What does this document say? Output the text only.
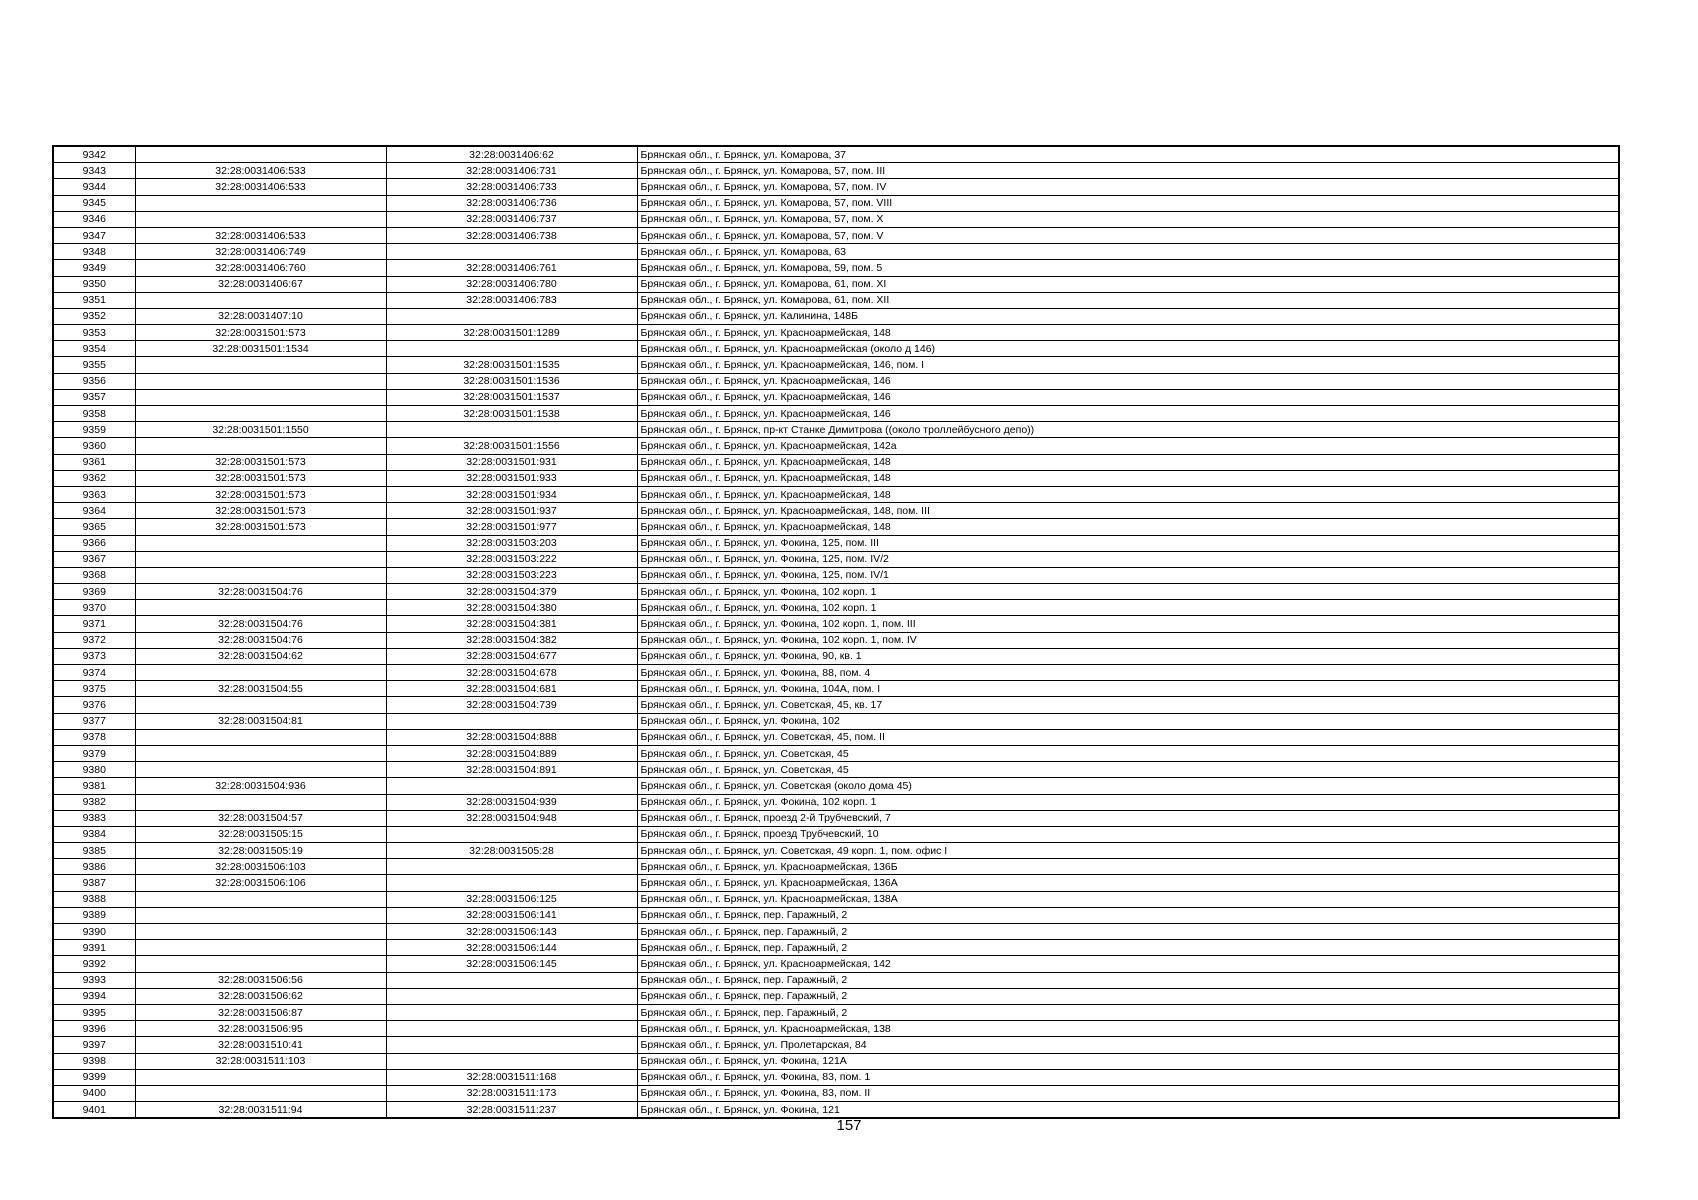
9342		32:28:0031406:62	Брянская обл., г. Брянск, ул. Комарова, 37
9343	32:28:0031406:533	32:28:0031406:731	Брянская обл., г. Брянск, ул. Комарова, 57, пом. III
9344	32:28:0031406:533	32:28:0031406:733	Брянская обл., г. Брянск, ул. Комарова, 57, пом. IV
9345		32:28:0031406:736	Брянская обл., г. Брянск, ул. Комарова, 57, пом. VIII
9346		32:28:0031406:737	Брянская обл., г. Брянск, ул. Комарова, 57, пом. X
9347	32:28:0031406:533	32:28:0031406:738	Брянская обл., г. Брянск, ул. Комарова, 57, пом. V
9348	32:28:0031406:749		Брянская обл., г. Брянск, ул. Комарова, 63
9349	32:28:0031406:760	32:28:0031406:761	Брянская обл., г. Брянск, ул. Комарова, 59, пом. 5
9350	32:28:0031406:67	32:28:0031406:780	Брянская обл., г. Брянск, ул. Комарова, 61, пом. XI
9351		32:28:0031406:783	Брянская обл., г. Брянск, ул. Комарова, 61, пом. XII
9352	32:28:0031407:10		Брянская обл., г. Брянск, ул. Калинина, 148Б
9353	32:28:0031501:573	32:28:0031501:1289	Брянская обл., г. Брянск, ул. Красноармейская, 148
9354	32:28:0031501:1534		Брянская обл., г. Брянск, ул. Красноармейская (около д 146)
9355		32:28:0031501:1535	Брянская обл., г. Брянск, ул. Красноармейская, 146, пом. I
9356		32:28:0031501:1536	Брянская обл., г. Брянск, ул. Красноармейская, 146
9357		32:28:0031501:1537	Брянская обл., г. Брянск, ул. Красноармейская, 146
9358		32:28:0031501:1538	Брянская обл., г. Брянск, ул. Красноармейская, 146
9359	32:28:0031501:1550		Брянская обл., г. Брянск, пр-кт Станке Димитрова ((около троллейбусного депо))
9360		32:28:0031501:1556	Брянская обл., г. Брянск, ул. Красноармейская, 142а
9361	32:28:0031501:573	32:28:0031501:931	Брянская обл., г. Брянск, ул. Красноармейская, 148
9362	32:28:0031501:573	32:28:0031501:933	Брянская обл., г. Брянск, ул. Красноармейская, 148
9363	32:28:0031501:573	32:28:0031501:934	Брянская обл., г. Брянск, ул. Красноармейская, 148
9364	32:28:0031501:573	32:28:0031501:937	Брянская обл., г. Брянск, ул. Красноармейская, 148, пом. III
9365	32:28:0031501:573	32:28:0031501:977	Брянская обл., г. Брянск, ул. Красноармейская, 148
9366		32:28:0031503:203	Брянская обл., г. Брянск, ул. Фокина, 125, пом. III
9367		32:28:0031503:222	Брянская обл., г. Брянск, ул. Фокина, 125, пом. IV/2
9368		32:28:0031503:223	Брянская обл., г. Брянск, ул. Фокина, 125, пом. IV/1
9369	32:28:0031504:76	32:28:0031504:379	Брянская обл., г. Брянск, ул. Фокина, 102 корп. 1
9370		32:28:0031504:380	Брянская обл., г. Брянск, ул. Фокина, 102 корп. 1
9371	32:28:0031504:76	32:28:0031504:381	Брянская обл., г. Брянск, ул. Фокина, 102 корп. 1, пом. III
9372	32:28:0031504:76	32:28:0031504:382	Брянская обл., г. Брянск, ул. Фокина, 102 корп. 1, пом. IV
9373	32:28:0031504:62	32:28:0031504:677	Брянская обл., г. Брянск, ул. Фокина, 90, кв. 1
9374		32:28:0031504:678	Брянская обл., г. Брянск, ул. Фокина, 88, пом. 4
9375	32:28:0031504:55	32:28:0031504:681	Брянская обл., г. Брянск, ул. Фокина, 104А, пом. I
9376		32:28:0031504:739	Брянская обл., г. Брянск, ул. Советская, 45, кв. 17
9377	32:28:0031504:81		Брянская обл., г. Брянск, ул. Фокина, 102
9378		32:28:0031504:888	Брянская обл., г. Брянск, ул. Советская, 45, пом. II
9379		32:28:0031504:889	Брянская обл., г. Брянск, ул. Советская, 45
9380		32:28:0031504:891	Брянская обл., г. Брянск, ул. Советская, 45
9381	32:28:0031504:936		Брянская обл., г. Брянск, ул. Советская (около дома 45)
9382		32:28:0031504:939	Брянская обл., г. Брянск, ул. Фокина, 102 корп. 1
9383	32:28:0031504:57	32:28:0031504:948	Брянская обл., г. Брянск, проезд 2-й Трубчевский, 7
9384	32:28:0031505:15		Брянская обл., г. Брянск, проезд Трубчевский, 10
9385	32:28:0031505:19	32:28:0031505:28	Брянская обл., г. Брянск, ул. Советская, 49 корп. 1, пом. офис I
9386	32:28:0031506:103		Брянская обл., г. Брянск, ул. Красноармейская, 136Б
9387	32:28:0031506:106		Брянская обл., г. Брянск, ул. Красноармейская, 136А
9388		32:28:0031506:125	Брянская обл., г. Брянск, ул. Красноармейская, 138А
9389		32:28:0031506:141	Брянская обл., г. Брянск, пер. Гаражный, 2
9390		32:28:0031506:143	Брянская обл., г. Брянск, пер. Гаражный, 2
9391		32:28:0031506:144	Брянская обл., г. Брянск, пер. Гаражный, 2
9392		32:28:0031506:145	Брянская обл., г. Брянск, ул. Красноармейская, 142
9393	32:28:0031506:56		Брянская обл., г. Брянск, пер. Гаражный, 2
9394	32:28:0031506:62		Брянская обл., г. Брянск, пер. Гаражный, 2
9395	32:28:0031506:87		Брянская обл., г. Брянск, пер. Гаражный, 2
9396	32:28:0031506:95		Брянская обл., г. Брянск, ул. Красноармейская, 138
9397	32:28:0031510:41		Брянская обл., г. Брянск, ул. Пролетарская, 84
9398	32:28:0031511:103		Брянская обл., г. Брянск, ул. Фокина, 121А
9399		32:28:0031511:168	Брянская обл., г. Брянск, ул. Фокина, 83, пом. 1
9400		32:28:0031511:173	Брянская обл., г. Брянск, ул. Фокина, 83, пом. II
9401	32:28:0031511:94	32:28:0031511:237	Брянская обл., г. Брянск, ул. Фокина, 121
157
